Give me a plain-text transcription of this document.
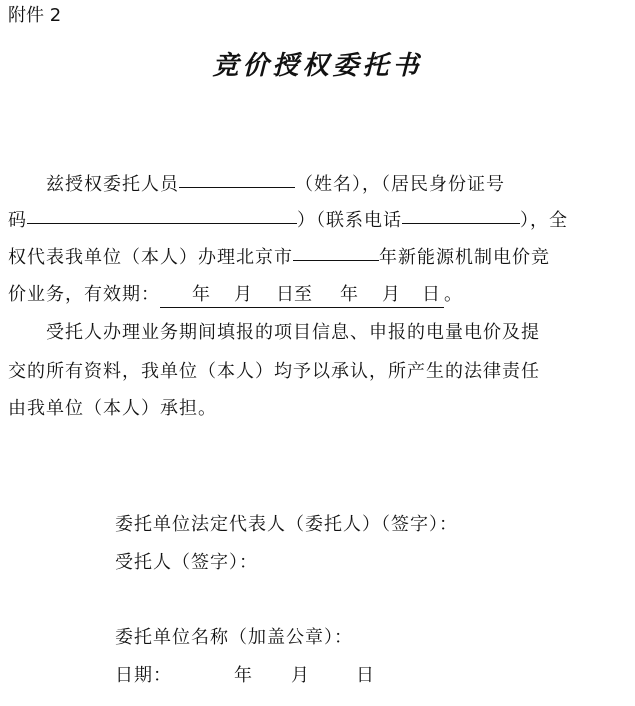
附件 2
竞价授权委托书
兹授权委托人员	（姓名），（居民身份证号
码	）（联系电话	），全
权代表我单位（本人）办理北京市	年新能源机制电价竞
价业务，有效期：	年 月 日至 年 月 日 。
受托人办理业务期间填报的项目信息、申报的电量电价及提
交的所有资料，我单位（本人）均予以承认，所产生的法律责任
由我单位（本人）承担。
委托单位法定代表人（委托人）（签字）：
受托人（签字）：
委托单位名称（加盖公章）：
日期：	年 月	日
